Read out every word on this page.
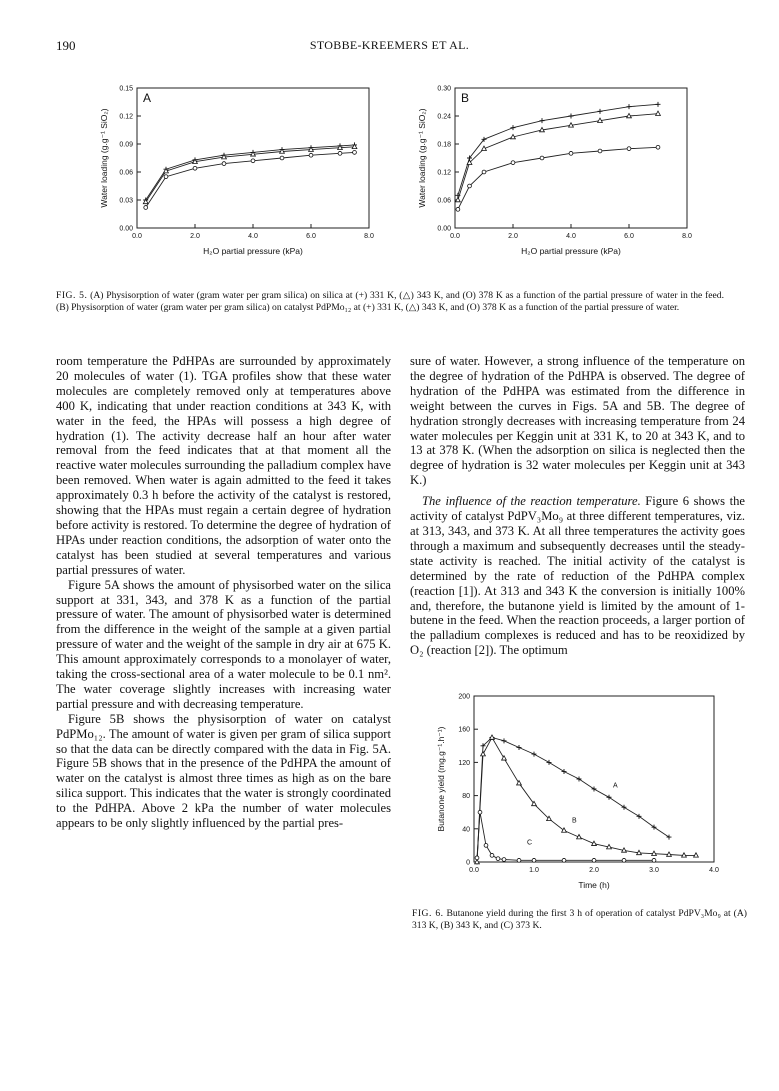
190	STOBBE-KREEMERS ET AL.
0.0	2.0	4.0	6.0	8.0
0.00
0.03
0.06
0.09
0.12
0.15
H₂O partial pressure (kPa)
Water loading (g.g⁻¹ SiO₂)
A
0.0	2.0	4.0	6.0	8.0
0.00
0.06
0.12
0.18
0.24
0.30
H₂O partial pressure (kPa)
Water loading (g.g⁻¹ SiO₂)
B
FIG. 5. (A) Physisorption of water (gram water per gram silica) on silica at (+) 331 K, (△) 343 K, and (O) 378 K as a function of the partial pressure of water in the feed. (B) Physisorption of water (gram water per gram silica) on catalyst PdPMo₁₂ at (+) 331 K, (△) 343 K, and (O) 378 K as a function of the partial pressure of water.

room temperature the PdHPAs are surrounded by approximately 20 molecules of water (1). TGA profiles show that these water molecules are completely removed only at temperatures above 400 K, indicating that under reaction conditions at 343 K, with water in the feed, the HPAs will possess a high degree of hydration (1). The activity decrease half an hour after water removal from the feed indicates that at that moment all the reactive water molecules surrounding the palladium complex have been removed. When water is again admitted to the feed it takes approximately 0.3 h before the activity of the catalyst is restored, showing that the HPAs must regain a certain degree of hydration before activity is restored. To determine the degree of hydration of HPAs under reaction conditions, the adsorption of water onto the catalyst has been studied at several temperatures and various partial pressures of water.

Figure 5A shows the amount of physisorbed water on the silica support at 331, 343, and 378 K as a function of the partial pressure of water. The amount of physisorbed water is determined from the difference in the weight of the sample at a given partial pressure of water and the weight of the sample in dry air at 675 K. This amount approximately corresponds to a monolayer of water, taking the cross-sectional area of a water molecule to be 0.1 nm². The water coverage slightly increases with increasing water partial pressure and with decreasing temperature.

Figure 5B shows the physisorption of water on catalyst PdPMo₁₂. The amount of water is given per gram of silica support so that the data can be directly compared with the data in Fig. 5A. Figure 5B shows that in the presence of the PdHPA the amount of water on the catalyst is almost three times as high as on the bare silica support. This indicates that the water is strongly coordinated to the PdHPA. Above 2 kPa the number of water molecules appears to be only slightly influenced by the partial pres-

sure of water. However, a strong influence of the temperature on the degree of hydration of the PdHPA is observed. The degree of hydration of the PdHPA was estimated from the difference in weight between the curves in Figs. 5A and 5B. The degree of hydration strongly decreases with increasing temperature from 24 water molecules per Keggin unit at 331 K, to 20 at 343 K, and to 13 at 378 K. (When the adsorption on silica is neglected then the degree of hydration is 32 water molecules per Keggin unit at 343 K.)

The influence of the reaction temperature. Figure 6 shows the activity of catalyst PdPV₃Mo₉ at three different temperatures, viz. at 313, 343, and 373 K. At all three temperatures the activity goes through a maximum and subsequently decreases until the steady-state activity is reached. The initial activity of the catalyst is determined by the rate of reduction of the PdHPA complex (reaction [1]). At 313 and 343 K the conversion is initially 100% and, therefore, the butanone yield is limited by the amount of 1-butene in the feed. When the reaction proceeds, a larger portion of the palladium complexes is reduced and has to be reoxidized by O₂ (reaction [2]). The optimum

0.0	1.0	2.0	3.0	4.0
0
40
80
120
160
200
Time (h)
Butanone yield (mg.g⁻¹.h⁻¹)	A
B
C
FIG. 6. Butanone yield during the first 3 h of operation of catalyst PdPV₃Mo₉ at (A) 313 K, (B) 343 K, and (C) 373 K.
